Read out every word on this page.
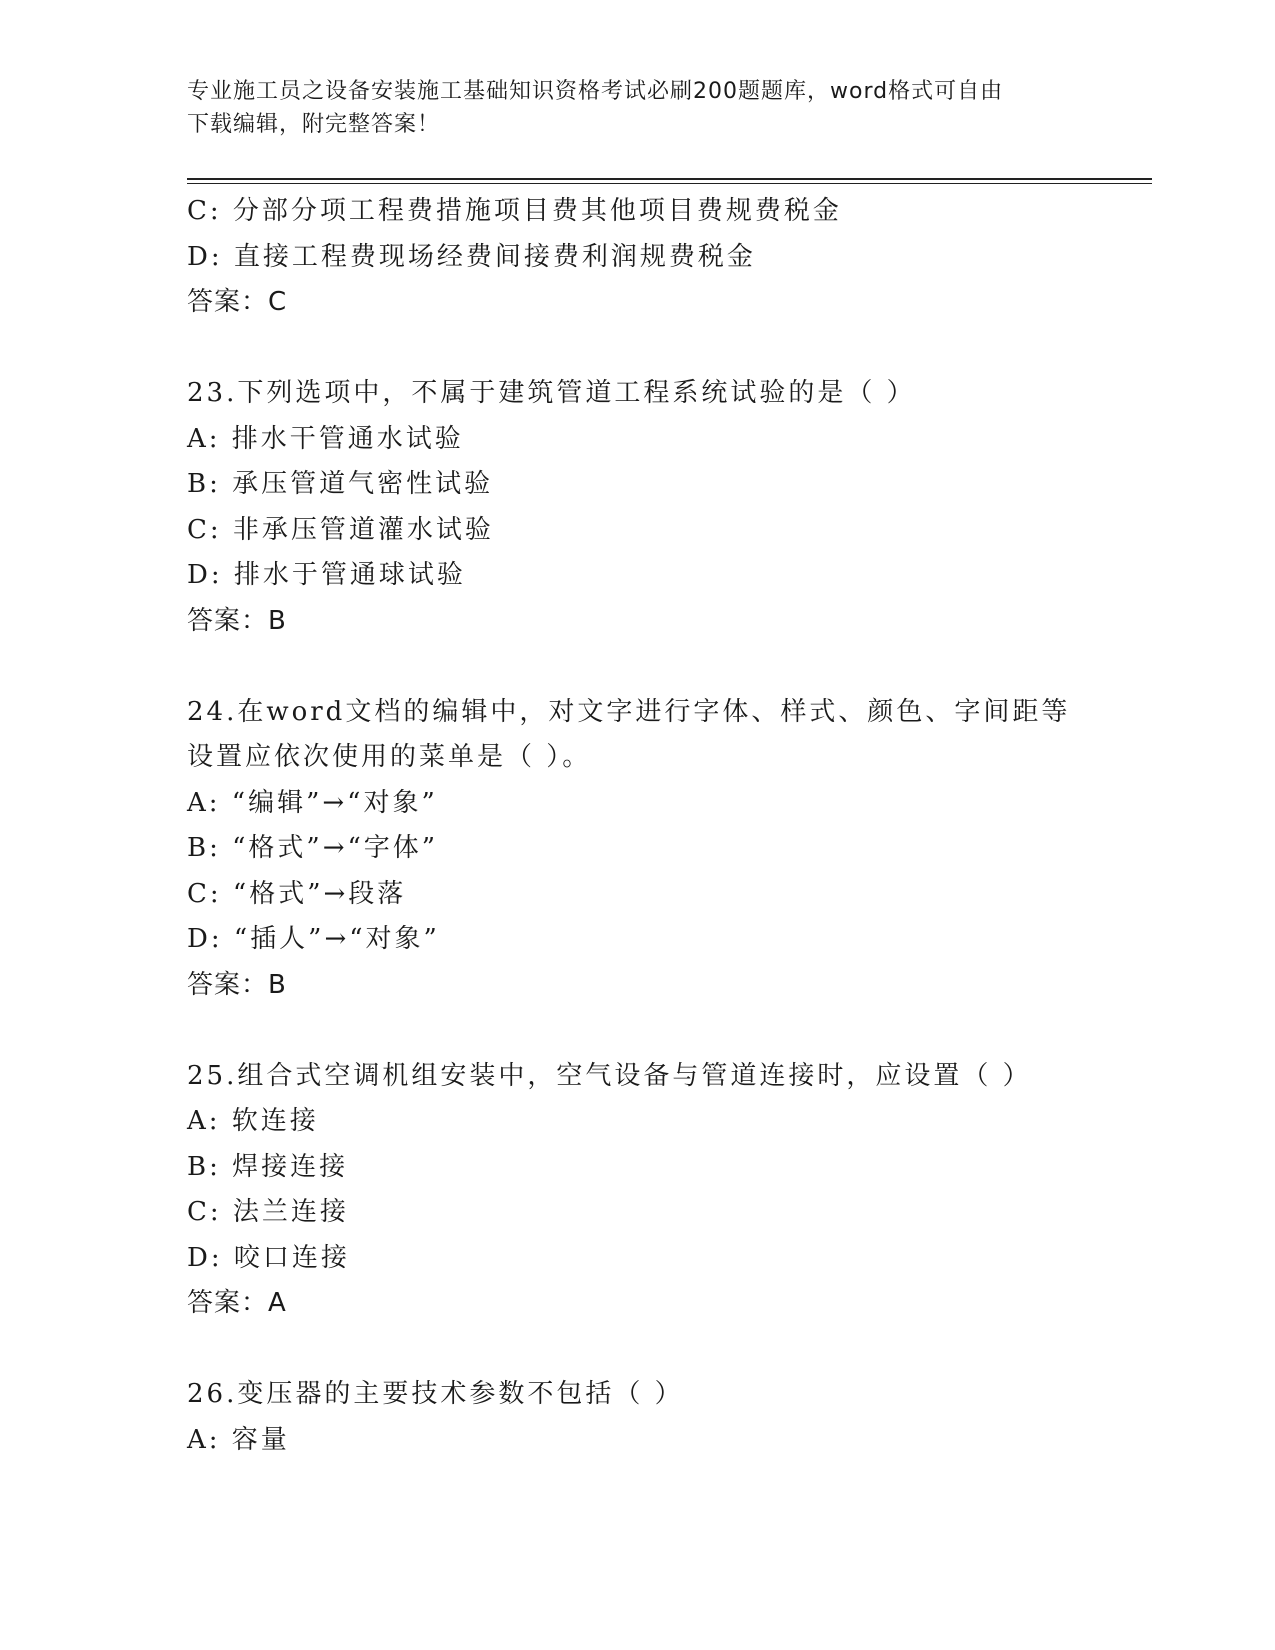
专业施工员之设备安装施工基础知识资格考试必刷200题题库，word格式可自由
下载编辑，附完整答案！
C: 分部分项工程费措施项目费其他项目费规费税金
D: 直接工程费现场经费间接费利润规费税金
答案：C
23.下列选项中，不属于建筑管道工程系统试验的是（ ）
A: 排水干管通水试验
B: 承压管道气密性试验
C: 非承压管道灌水试验
D: 排水于管通球试验
答案：B
24.在word文档的编辑中，对文字进行字体、样式、颜色、字间距等
设置应依次使用的菜单是（ ）。
A: “编辑”→“对象”
B: “格式”→“字体”
C: “格式”→段落
D: “插人”→“对象”
答案：B
25.组合式空调机组安装中，空气设备与管道连接时，应设置（ ）
A: 软连接
B: 焊接连接
C: 法兰连接
D: 咬口连接
答案：A
26.变压器的主要技术参数不包括（ ）
A: 容量
